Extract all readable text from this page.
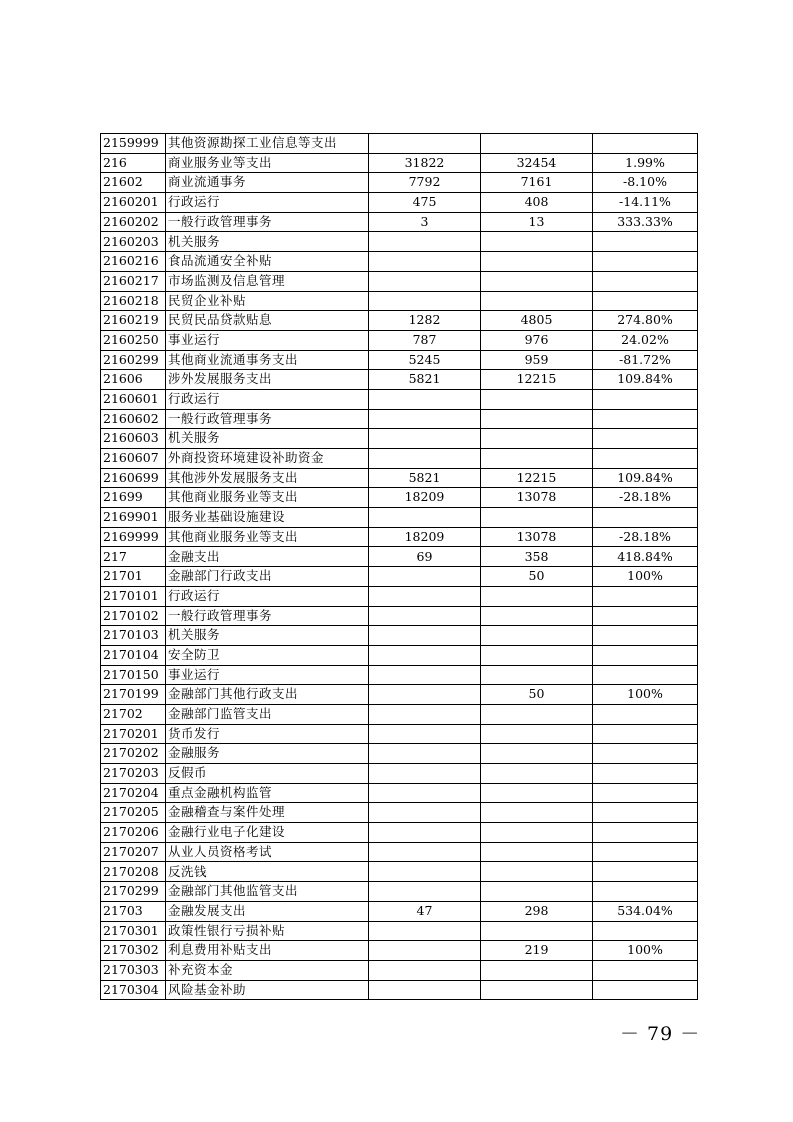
2159999	其他资源勘探工业信息等支出			
216	商业服务业等支出	31822	32454	1.99%
21602	商业流通事务	7792	7161	-8.10%
2160201	行政运行	475	408	-14.11%
2160202	一般行政管理事务	3	13	333.33%
2160203	机关服务			
2160216	食品流通安全补贴			
2160217	市场监测及信息管理			
2160218	民贸企业补贴			
2160219	民贸民品贷款贴息	1282	4805	274.80%
2160250	事业运行	787	976	24.02%
2160299	其他商业流通事务支出	5245	959	-81.72%
21606	涉外发展服务支出	5821	12215	109.84%
2160601	行政运行			
2160602	一般行政管理事务			
2160603	机关服务			
2160607	外商投资环境建设补助资金			
2160699	其他涉外发展服务支出	5821	12215	109.84%
21699	其他商业服务业等支出	18209	13078	-28.18%
2169901	服务业基础设施建设			
2169999	其他商业服务业等支出	18209	13078	-28.18%
217	金融支出	69	358	418.84%
21701	金融部门行政支出		50	100%
2170101	行政运行			
2170102	一般行政管理事务			
2170103	机关服务			
2170104	安全防卫			
2170150	事业运行			
2170199	金融部门其他行政支出		50	100%
21702	金融部门监管支出			
2170201	货币发行			
2170202	金融服务			
2170203	反假币			
2170204	重点金融机构监管			
2170205	金融稽查与案件处理			
2170206	金融行业电子化建设			
2170207	从业人员资格考试			
2170208	反洗钱			
2170299	金融部门其他监管支出			
21703	金融发展支出	47	298	534.04%
2170301	政策性银行亏损补贴			
2170302	利息费用补贴支出		219	100%
2170303	补充资本金			
2170304	风险基金补助			
－ 79 －
